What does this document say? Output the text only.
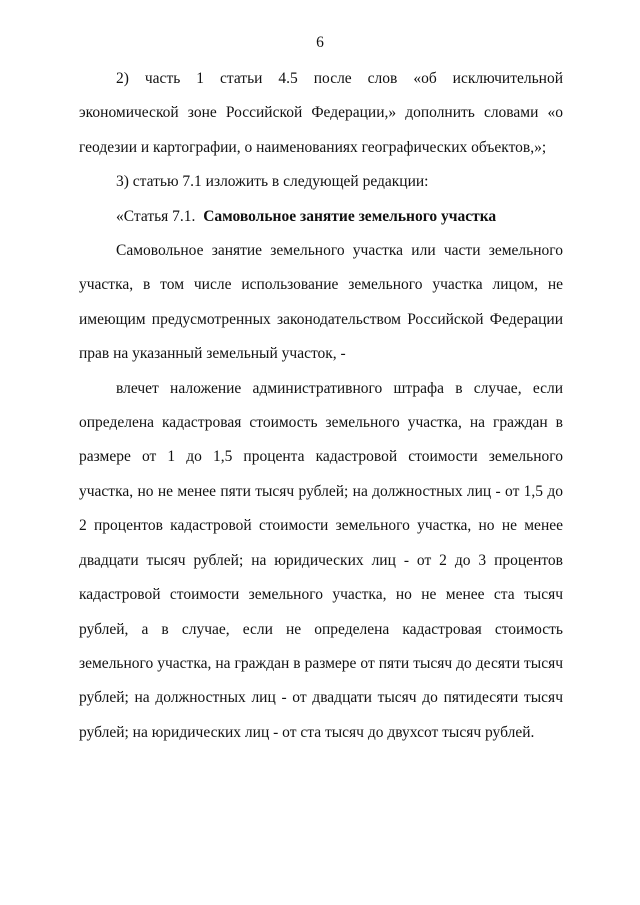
6

2) часть 1 статьи 4.5 после слов «об исключительной экономической зоне Российской Федерации,» дополнить словами «о геодезии и картографии, о наименованиях географических объектов,»;

3) статью 7.1 изложить в следующей редакции:

«Статья 7.1. Самовольное занятие земельного участка

Самовольное занятие земельного участка или части земельного участка, в том числе использование земельного участка лицом, не имеющим предусмотренных законодательством Российской Федерации прав на указанный земельный участок, -

влечет наложение административного штрафа в случае, если определена кадастровая стоимость земельного участка, на граждан в размере от 1 до 1,5 процента кадастровой стоимости земельного участка, но не менее пяти тысяч рублей; на должностных лиц - от 1,5 до 2 процентов кадастровой стоимости земельного участка, но не менее двадцати тысяч рублей; на юридических лиц - от 2 до 3 процентов кадастровой стоимости земельного участка, но не менее ста тысяч рублей, а в случае, если не определена кадастровая стоимость земельного участка, на граждан в размере от пяти тысяч до десяти тысяч рублей; на должностных лиц - от двадцати тысяч до пятидесяти тысяч рублей; на юридических лиц - от ста тысяч до двухсот тысяч рублей.
